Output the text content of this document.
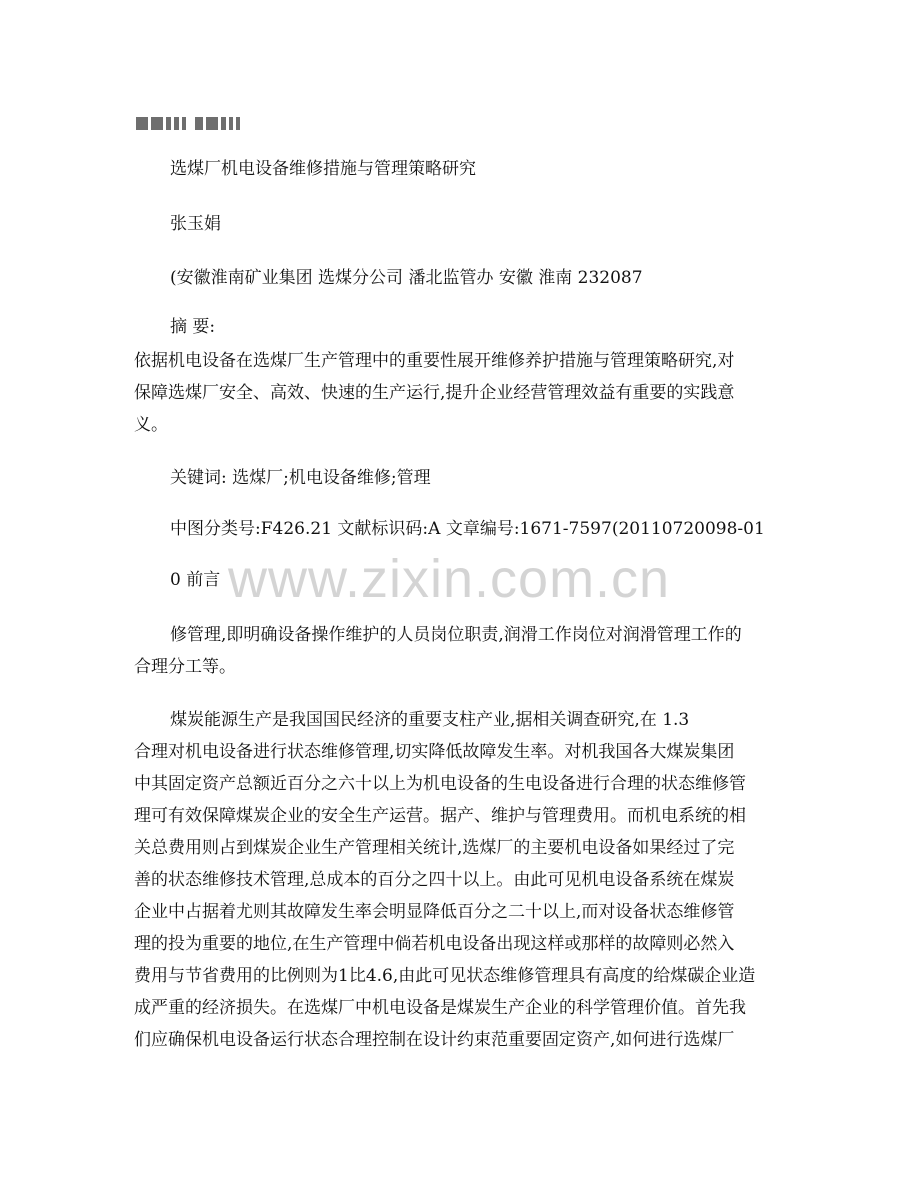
www.zixin.com.cn
选煤厂机电设备维修措施与管理策略研究
张玉娟
(安徽淮南矿业集团 选煤分公司 潘北监管办 安徽 淮南 232087
摘 要:
依据机电设备在选煤厂生产管理中的重要性展开维修养护措施与管理策略研究,对
保障选煤厂安全、高效、快速的生产运行,提升企业经营管理效益有重要的实践意
义。
关键词: 选煤厂;机电设备维修;管理
中图分类号:F426.21 文献标识码:A 文章编号:1671-7597(20110720098-01
0 前言
修管理,即明确设备操作维护的人员岗位职责,润滑工作岗位对润滑管理工作的
合理分工等。
煤炭能源生产是我国国民经济的重要支柱产业,据相关调查研究,在 1.3
合理对机电设备进行状态维修管理,切实降低故障发生率。对机我国各大煤炭集团
中其固定资产总额近百分之六十以上为机电设备的生电设备进行合理的状态维修管
理可有效保障煤炭企业的安全生产运营。据产、维护与管理费用。而机电系统的相
关总费用则占到煤炭企业生产管理相关统计,选煤厂的主要机电设备如果经过了完
善的状态维修技术管理,总成本的百分之四十以上。由此可见机电设备系统在煤炭
企业中占据着尤则其故障发生率会明显降低百分之二十以上,而对设备状态维修管
理的投为重要的地位,在生产管理中倘若机电设备出现这样或那样的故障则必然入
费用与节省费用的比例则为1比4.6,由此可见状态维修管理具有高度的给煤碳企业造
成严重的经济损失。在选煤厂中机电设备是煤炭生产企业的科学管理价值。首先我
们应确保机电设备运行状态合理控制在设计约束范重要固定资产,如何进行选煤厂
